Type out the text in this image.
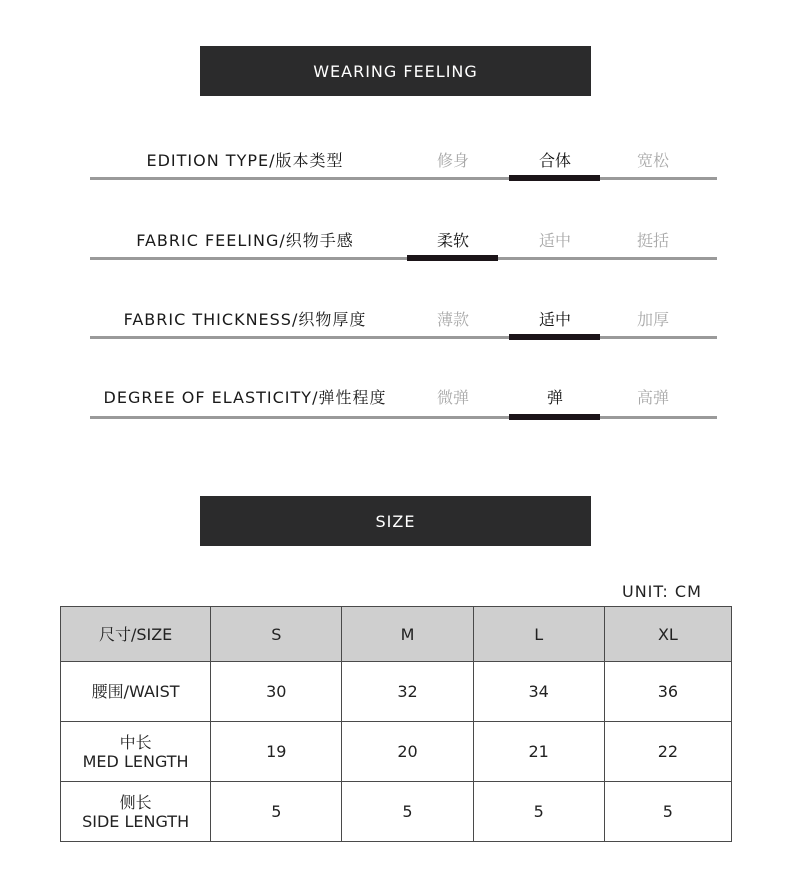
WEARING FEELING
EDITION TYPE/版本类型	修身	合体	宽松
FABRIC FEELING/织物手感	柔软	适中	挺括
FABRIC THICKNESS/织物厚度	薄款	适中	加厚
DEGREE OF ELASTICITY/弹性程度	微弹	弹	高弹
SIZE
UNIT: CM
尺寸/SIZE	S	M	L	XL

腰围/WAIST	30	32	34	36

中长
MED LENGTH	19	20	21	22

侧长
SIDE LENGTH	5	5	5	5
